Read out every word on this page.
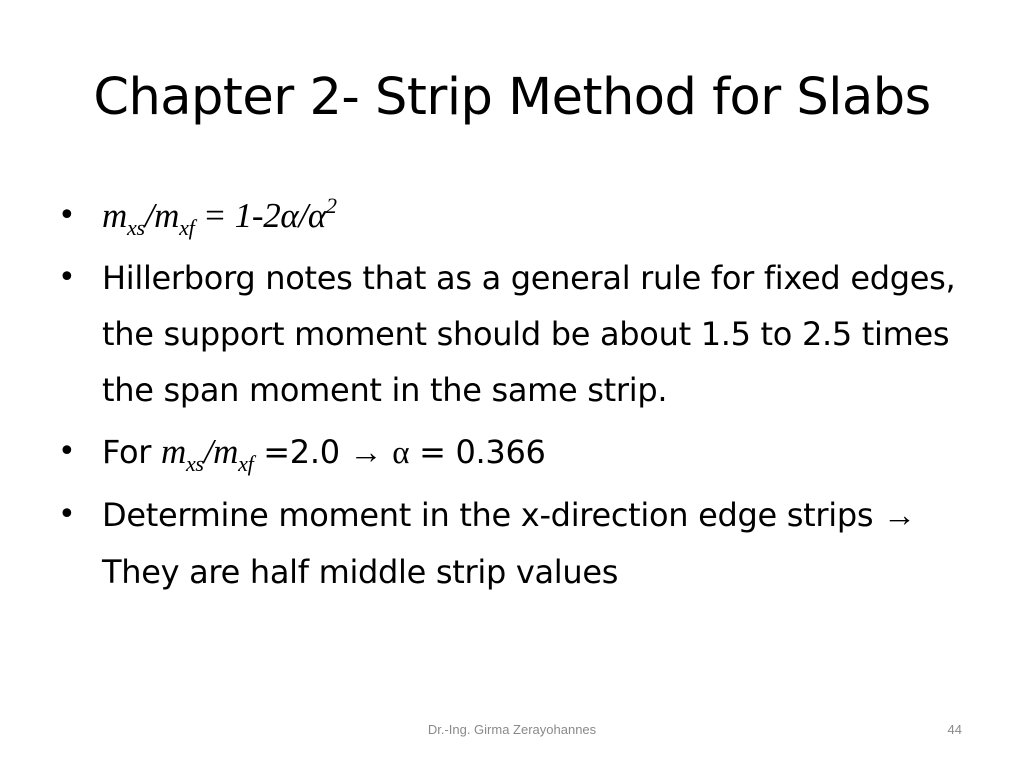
Chapter 2- Strip Method for Slabs
• $m_{xs}/m_{xf} = 1-2\alpha/\alpha^2$
• Hillerborg notes that as a general rule for fixed edges, the support moment should be about 1.5 to 2.5 times the span moment in the same strip.
• For $m_{xs}/m_{xf} =2.0 \to \alpha = 0.366$
• Determine moment in the x-direction edge strips → They are half middle strip values
Dr.-Ing. Girma Zerayohannes	44
